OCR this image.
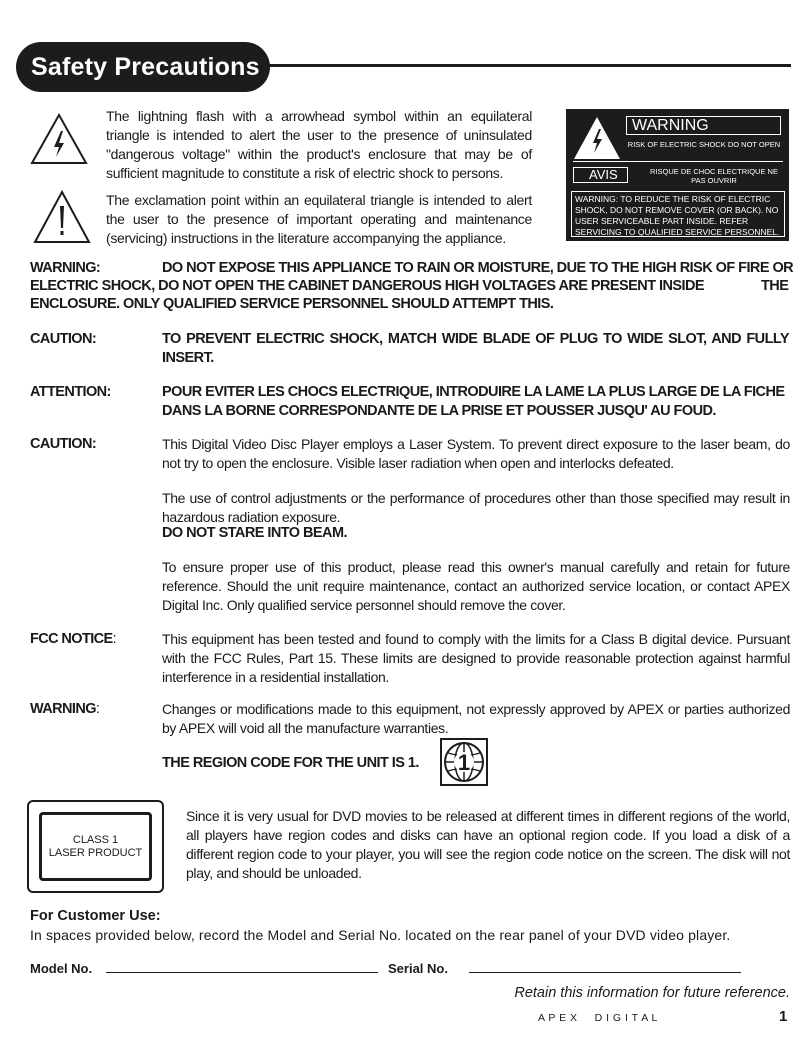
Safety Precautions
The lightning flash with a arrowhead symbol within an equilateral triangle is intended to alert the user to the presence of uninsulated "dangerous voltage" within the product's enclosure that may be of sufficient magnitude to constitute a risk of electric shock to persons.
The exclamation point within an equilateral triangle is intended to alert the user to the presence of important operating and maintenance (servicing) instructions in the literature accompanying the appliance.
WARNING
RISK OF ELECTRIC SHOCK DO NOT OPEN
AVIS	RISQUE DE CHOC ELECTRIQUE NE PAS OUVRIR
WARNING: TO REDUCE THE RISK OF ELECTRIC SHOCK, DO NOT REMOVE COVER (OR BACK). NO USER SERVICEABLE PART INSIDE. REFER SERVICING TO QUALIFIED SERVICE PERSONNEL.
WARNING:	DO NOT EXPOSE THIS APPLIANCE TO RAIN OR MOISTURE, DUE TO THE HIGH RISK OF FIRE OR
ELECTRIC SHOCK, DO NOT OPEN THE CABINET DANGEROUS HIGH VOLTAGES ARE PRESENT INSIDE	THE
ENCLOSURE. ONLY QUALIFIED SERVICE PERSONNEL SHOULD ATTEMPT THIS.
CAUTION:	TO PREVENT ELECTRIC SHOCK, MATCH WIDE BLADE OF PLUG TO WIDE SLOT, AND FULLY INSERT.
ATTENTION:	POUR EVITER LES CHOCS ELECTRIQUE, INTRODUIRE LA LAME LA PLUS LARGE DE LA FICHE DANS LA BORNE CORRESPONDANTE DE LA PRISE ET POUSSER JUSQU' AU FOUD.
CAUTION:	This Digital Video Disc Player employs a Laser System. To prevent direct exposure to the laser beam, do not try to open the enclosure. Visible laser radiation when open and interlocks defeated.
The use of control adjustments or the performance of procedures other than those specified may result in hazardous radiation exposure.
DO NOT STARE INTO BEAM.
To ensure proper use of this product, please read this owner's manual carefully and retain for future reference. Should the unit require maintenance, contact an authorized service location, or contact APEX Digital Inc. Only qualified service personnel should remove the cover.
FCC NOTICE:	This equipment has been tested and found to comply with the limits for a Class B digital device. Pursuant with the FCC Rules, Part 15. These limits are designed to provide reasonable protection against harmful interference in a residential installation.
WARNING:	Changes or modifications made to this equipment, not expressly approved by APEX or parties authorized by APEX will void all the manufacture warranties.
THE REGION CODE FOR THE UNIT IS 1. 1
CLASS 1
LASER PRODUCT
Since it is very usual for DVD movies to be released at different times in different regions of the world, all players have region codes and disks can have an optional region code. If you load a disk of a different region code to your player, you will see the region code notice on the screen. The disk will not play, and should be unloaded.
For Customer Use:
In spaces provided below, record the Model and Serial No. located on the rear panel of your DVD video player.
Model No.	Serial No.
Retain this information for future reference.
A P E X     D I G I T A L	1
